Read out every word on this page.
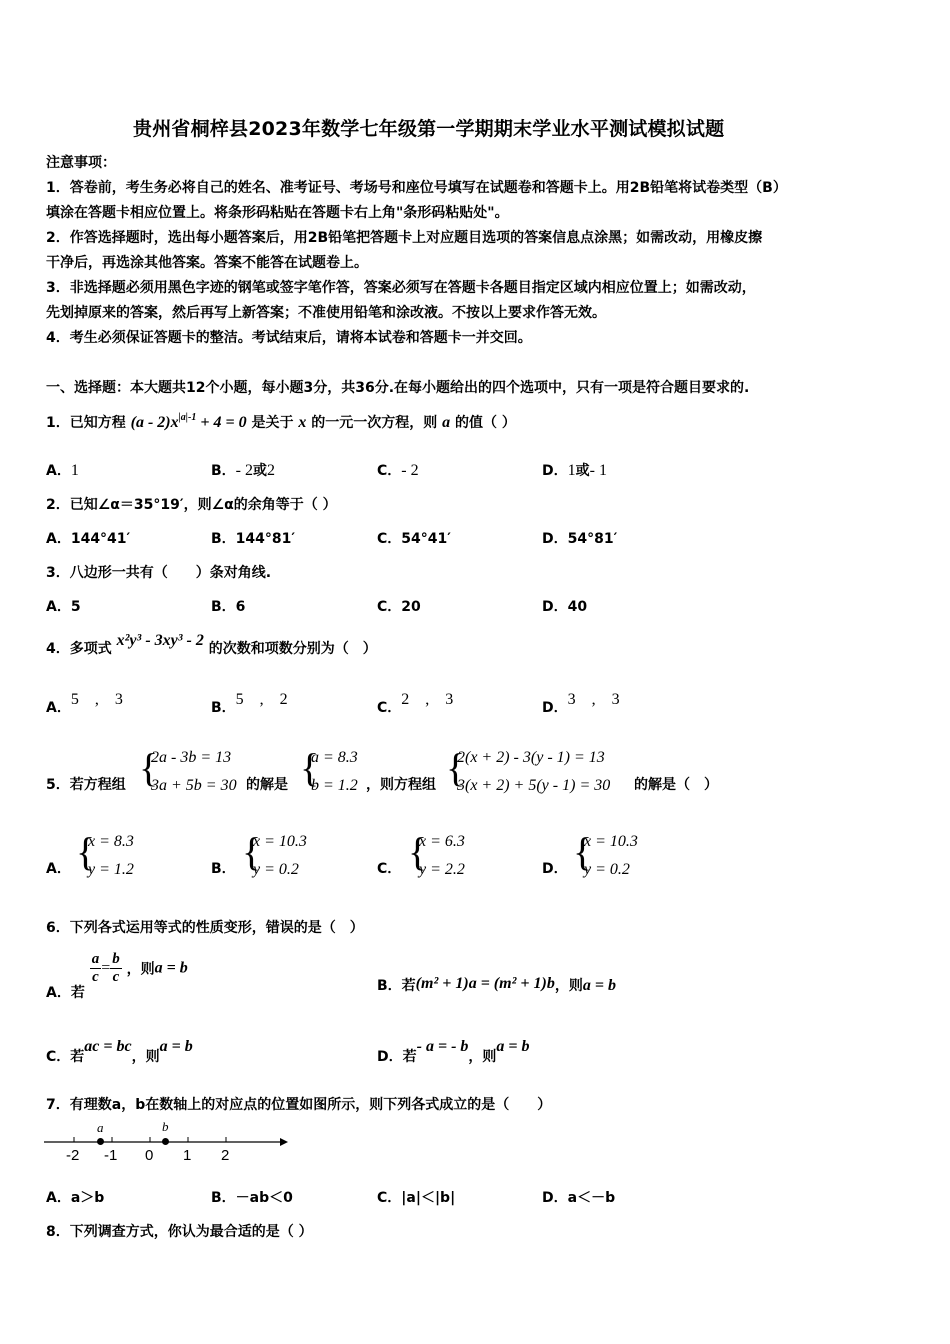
贵州省桐梓县2023年数学七年级第一学期期末学业水平测试模拟试题
注意事项：
1．答卷前，考生务必将自己的姓名、准考证号、考场号和座位号填写在试题卷和答题卡上。用2B铅笔将试卷类型（B）
填涂在答题卡相应位置上。将条形码粘贴在答题卡右上角"条形码粘贴处"。
2．作答选择题时，选出每小题答案后，用2B铅笔把答题卡上对应题目选项的答案信息点涂黑；如需改动，用橡皮擦
干净后，再选涂其他答案。答案不能答在试题卷上。
3．非选择题必须用黑色字迹的钢笔或签字笔作答，答案必须写在答题卡各题目指定区域内相应位置上；如需改动，
先划掉原来的答案，然后再写上新答案；不准使用铅笔和涂改液。不按以上要求作答无效。
4．考生必须保证答题卡的整洁。考试结束后，请将本试卷和答题卡一并交回。
一、选择题：本大题共12个小题，每小题3分，共36分.在每小题给出的四个选项中，只有一项是符合题目要求的.
1．已知方程 $(a - 2)x^{|a|-1} + 4 = 0$ 是关于 x 的一元一次方程，则 a 的值（ ）
A．1	B．- 2或2	C．- 2	D．1或- 1
2．已知∠α＝35°19′，则∠α的余角等于（ ）
A．144°41′	B．144°81′	C．54°41′	D．54°81′
3．八边形一共有（　　）条对角线.
A．5	B．6	C．20	D．40
4．多项式 x²y³ - 3xy³ - 2 的次数和项数分别为（　）
A．5　,　3	B．5　,　2	C．2　,　3	D．3　,　3
5．若方程组 {
2a - 3b = 13
3a + 5b = 30 的解是 {
a = 8.3
b = 1.2 ，则方程组 {
2(x + 2) - 3(y - 1) = 13
3(x + 2) + 5(y - 1) = 30 的解是（　）
A． {
x = 8.3
y = 1.2	B． {
x = 10.3
y = 0.2	C． {
x = 6.3
y = 2.2	D． {
x = 10.3
y = 0.2
6．下列各式运用等式的性质变形，错误的是（　）
A．若
$\frac{a}{c} = \frac{b}{c}$ ，则a = b
B．若(m² + 1)a = (m² + 1)b，则a = b
C．若ac = bc，则a = b
D．若- a = - b，则a = b
7．有理数a，b在数轴上的对应点的位置如图所示，则下列各式成立的是（　　）
a	b
-2 -1 0 1 2
A．a＞b	B．－ab＜0	C．|a|＜|b|	D．a＜－b
8．下列调查方式，你认为最合适的是（ ）
